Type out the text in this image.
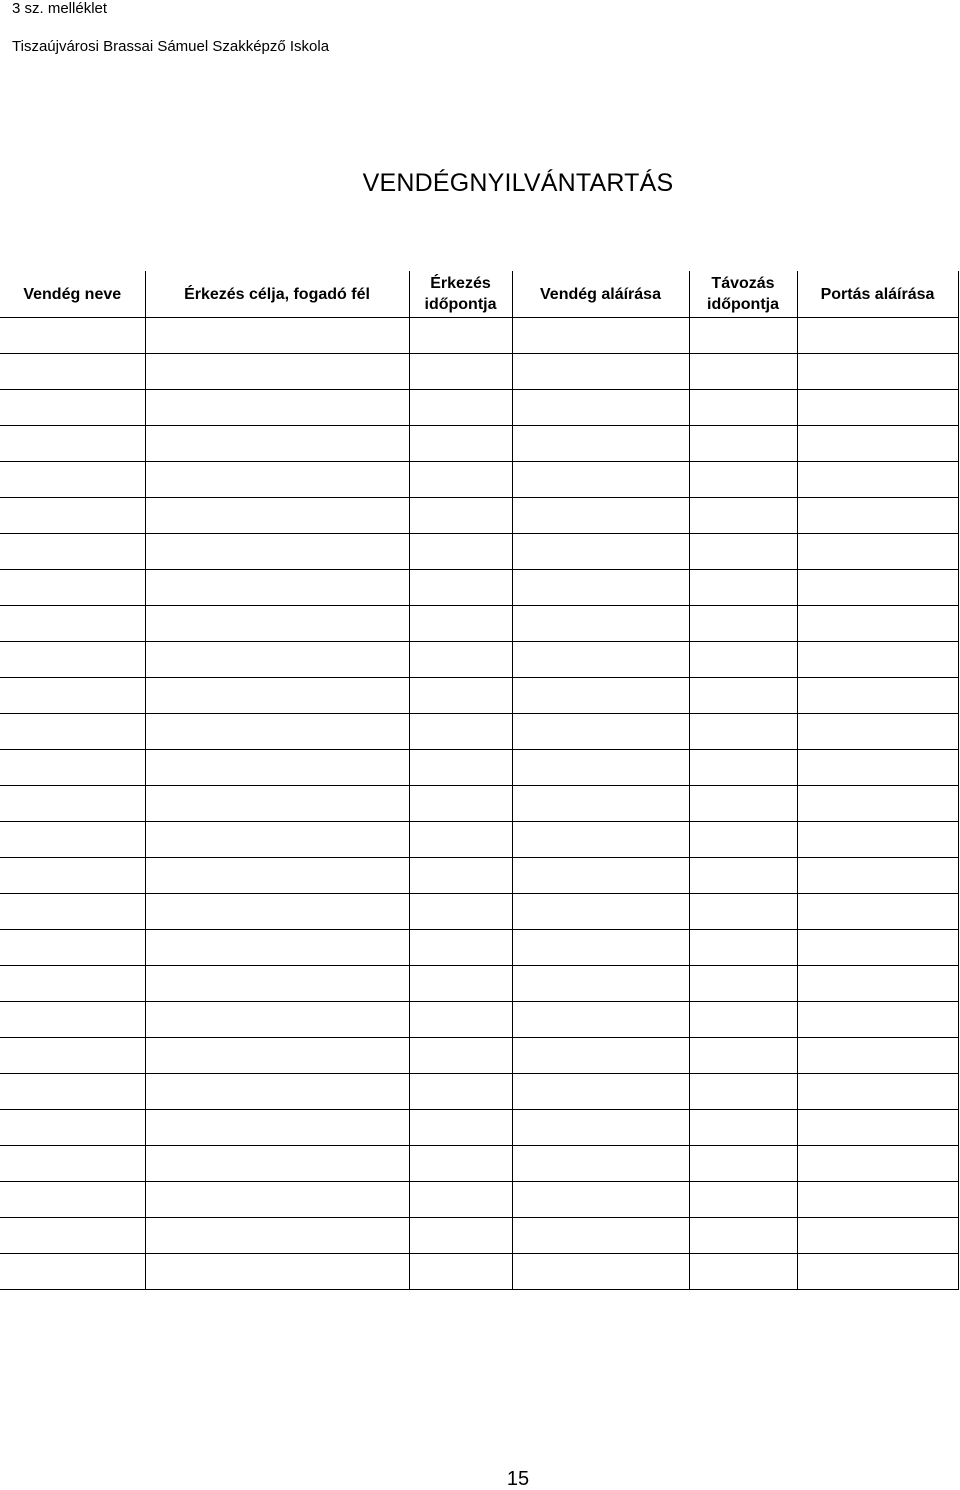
3 sz. melléklet
Tiszaújvárosi Brassai Sámuel Szakképző Iskola
VENDÉGNYILVÁNTARTÁS
Vendég neve	Érkezés célja, fogadó fél	Érkezés időpontja	Vendég aláírása	Távozás időpontja	Portás aláírása

15
